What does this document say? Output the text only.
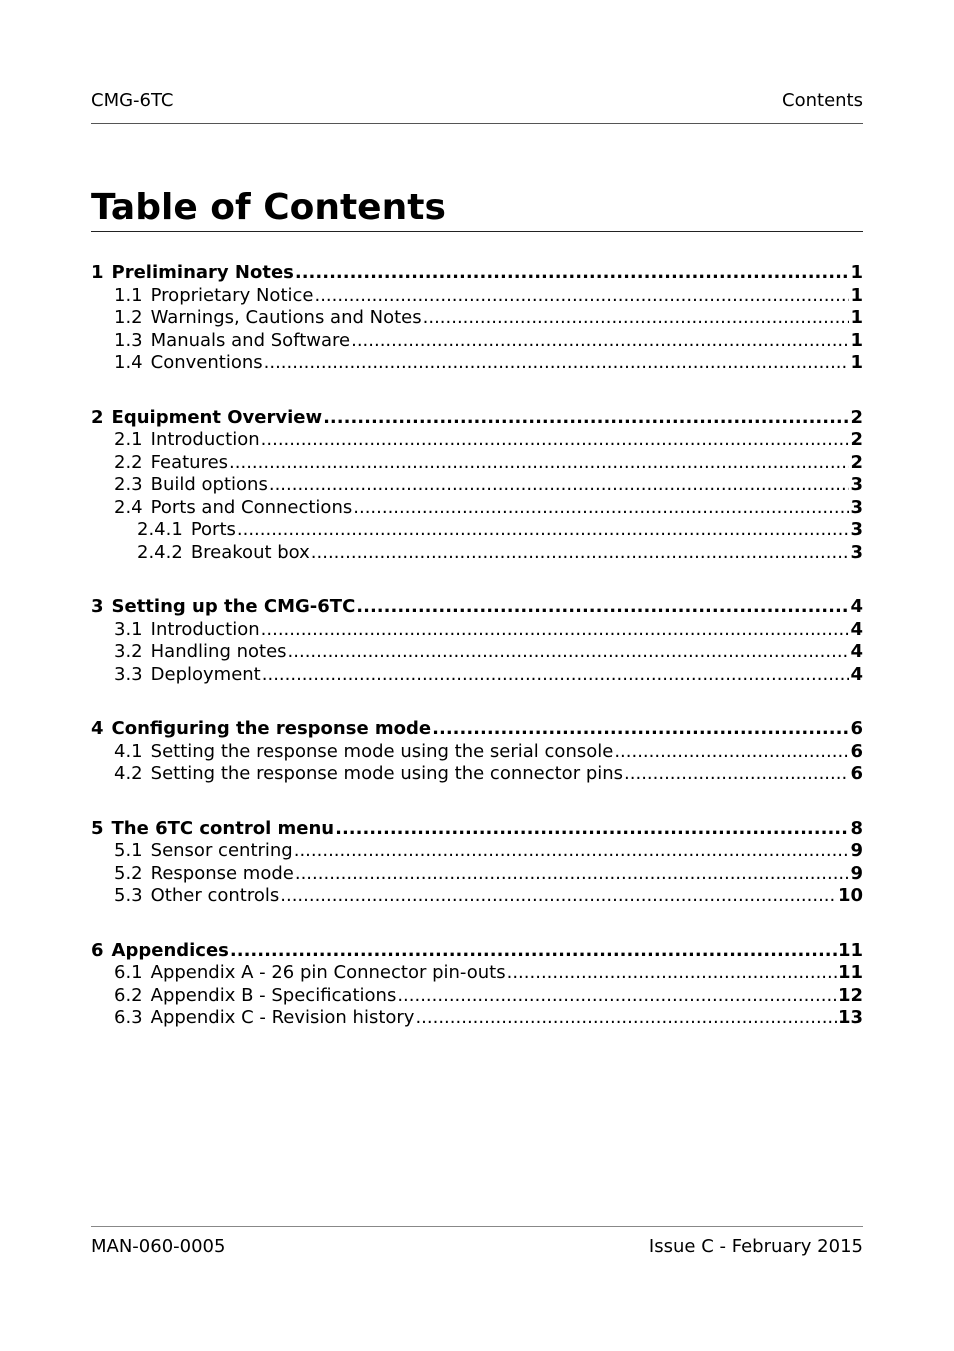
CMG-6TC	Contents
Table of Contents
1 Preliminary Notes .....	1
1.1 Proprietary Notice .....	1
1.2 Warnings, Cautions and Notes .....	1
1.3 Manuals and Software .....	1
1.4 Conventions .....	1
2 Equipment Overview .....	2
2.1 Introduction .....	2
2.2 Features .....	2
2.3 Build options .....	3
2.4 Ports and Connections .....	3
2.4.1 Ports .....	3
2.4.2 Breakout box .....	3
3 Setting up the CMG-6TC .....	4
3.1 Introduction .....	4
3.2 Handling notes .....	4
3.3 Deployment .....	4
4 Configuring the response mode .....	6
4.1 Setting the response mode using the serial console .....	6
4.2 Setting the response mode using the connector pins .....	6
5 The 6TC control menu .....	8
5.1 Sensor centring .....	9
5.2 Response mode .....	9
5.3 Other controls .....	10
6 Appendices .....	11
6.1 Appendix A - 26 pin Connector pin-outs .....	11
6.2 Appendix B - Specifications .....	12
6.3 Appendix C - Revision history .....	13
MAN-060-0005	Issue C - February 2015
